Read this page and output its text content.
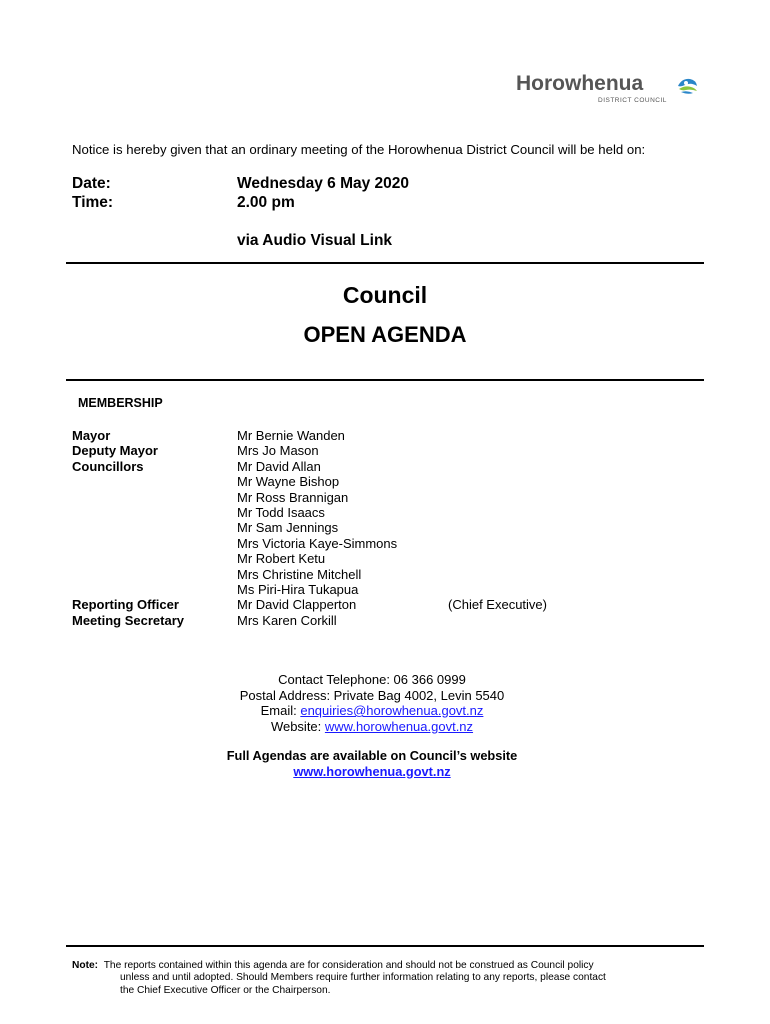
Horowhenua
DISTRICT COUNCIL
Notice is hereby given that an ordinary meeting of the Horowhenua District Council will be held on:
Date:	Wednesday 6 May 2020
Time:	2.00 pm
via Audio Visual Link
Council
OPEN AGENDA
MEMBERSHIP
Mayor
Deputy Mayor
Councillors
Reporting Officer
Meeting Secretary
Mr Bernie Wanden
Mrs Jo Mason
Mr David Allan
Mr Wayne Bishop
Mr Ross Brannigan
Mr Todd Isaacs
Mr Sam Jennings
Mrs Victoria Kaye-Simmons
Mr Robert Ketu
Mrs Christine Mitchell
Ms Piri-Hira Tukapua
Mr David Clapperton
Mrs Karen Corkill
(Chief Executive)
Contact Telephone: 06 366 0999
Postal Address: Private Bag 4002, Levin 5540
Email: enquiries@horowhenua.govt.nz
Website: www.horowhenua.govt.nz
Full Agendas are available on Council’s website
www.horowhenua.govt.nz
Note: The reports contained within this agenda are for consideration and should not be construed as Council policy
unless and until adopted. Should Members require further information relating to any reports, please contact
the Chief Executive Officer or the Chairperson.
